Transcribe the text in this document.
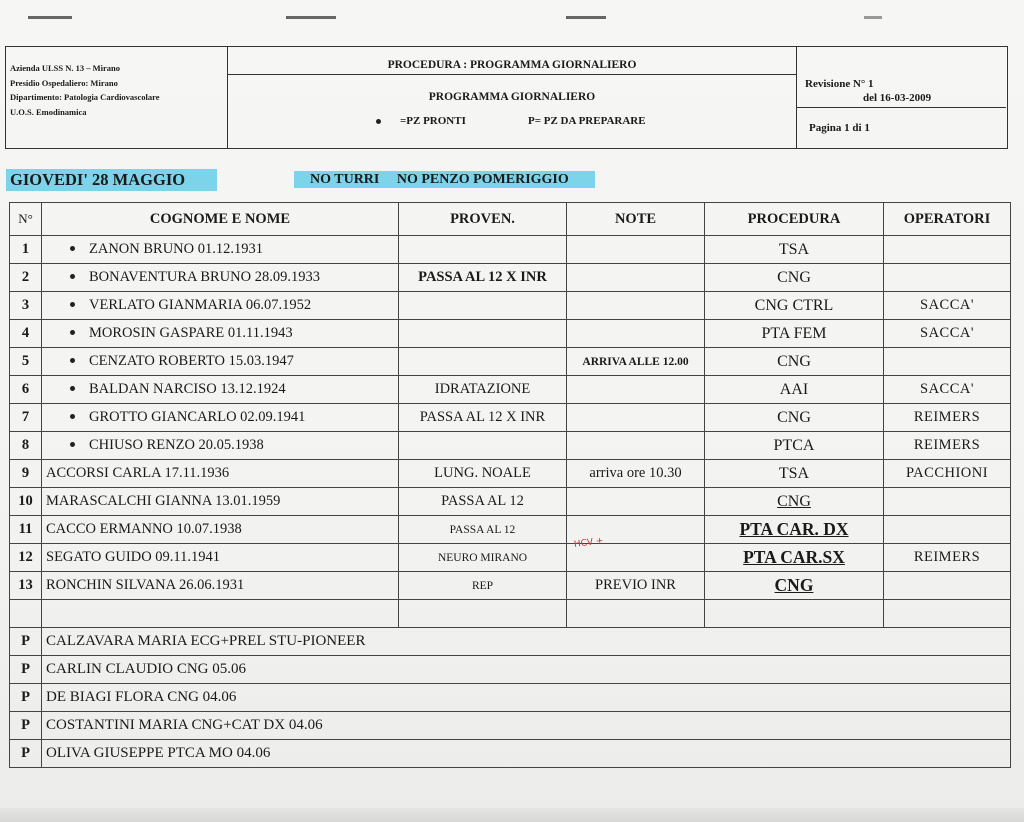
Azienda ULSS N. 13 – Mirano
Presidio Ospedaliero: Mirano
Dipartimento: Patologia Cardiovascolare
U.O.S. Emodinamica
PROCEDURA : PROGRAMMA GIORNALIERO
PROGRAMMA GIORNALIERO
=PZ PRONTI	P= PZ DA PREPARARE
Revisione N° 1
del 16-03-2009
Pagina 1 di 1
GIOVEDI' 28 MAGGIO	NO TURRI     NO PENZO POMERIGGIO
N°	COGNOME E NOME	PROVEN.	NOTE	PROCEDURA	OPERATORI
1	ZANON BRUNO 01.12.1931			TSA	
2	BONAVENTURA BRUNO 28.09.1933	PASSA AL 12 X INR		CNG	
3	VERLATO GIANMARIA 06.07.1952			CNG CTRL	SACCA'
4	MOROSIN GASPARE 01.11.1943			PTA FEM	SACCA'
5	CENZATO ROBERTO 15.03.1947		ARRIVA ALLE 12.00	CNG	
6	BALDAN NARCISO 13.12.1924	IDRATAZIONE		AAI	SACCA'
7	GROTTO GIANCARLO 02.09.1941	PASSA AL 12 X INR		CNG	REIMERS
8	CHIUSO RENZO 20.05.1938			PTCA	REIMERS
9	ACCORSI CARLA 17.11.1936	LUNG. NOALE	arriva ore 10.30	TSA	PACCHIONI
10	MARASCALCHI GIANNA 13.01.1959	PASSA AL 12		CNG	
11	CACCO ERMANNO 10.07.1938	PASSA AL 12		PTA CAR. DX	
12	SEGATO GUIDO 09.11.1941	NEURO MIRANO		PTA CAR.SX	REIMERS
13	RONCHIN SILVANA 26.06.1931	REP	PREVIO INR	CNG	

P	CALZAVARA MARIA ECG+PREL STU-PIONEER				
P	CARLIN CLAUDIO CNG 05.06				
P	DE BIAGI FLORA CNG 04.06				
P	COSTANTINI MARIA CNG+CAT DX 04.06				
P	OLIVA GIUSEPPE PTCA MO 04.06				
HCV +
